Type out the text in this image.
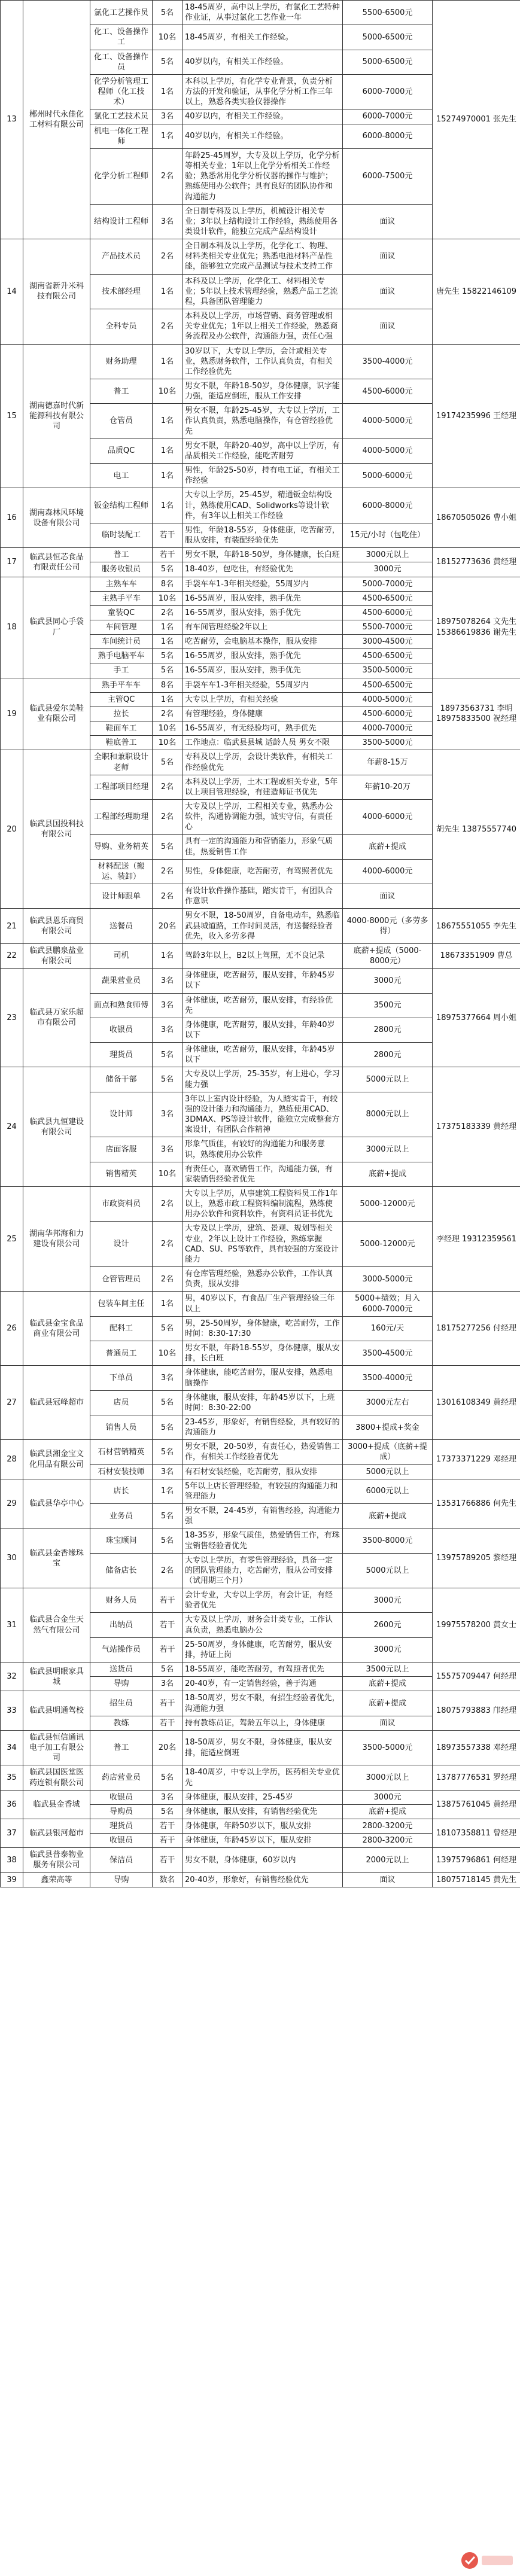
13	郴州时代永佳化工材料有限公司	氯化工艺操作员	5名	18-45周岁，高中以上学历，有氯化工艺特种作业证，从事过氯化工艺作业一年	5500-6500元	15274970001 张先生
		化工、设备操作工	10名	18-45周岁，有相关工作经验。	5000-6500元	
		化工、设备操作员	5名	40岁以内，有相关工作经验。	5000-6500元	
		化学分析管理工程师（化工技术）	1名	本科以上学历，有化学专业背景，负责分析方法的开发和验证，从事化学分析工作三年以上，熟悉各类实验仪器操作	6000-7000元	
		氯化工艺技术员	3名	40岁以内，有相关工作经验。	6000-7000元	
		机电一体化工程师	1名	40岁以内，有相关工作经验。	6000-8000元	
		化学分析工程师	2名	年龄25-45周岁，大专及以上学历，化学分析等相关专业；1年以上化学分析相关工作经验；熟悉常用化学分析仪器的操作与维护；熟练使用办公软件；具有良好的团队协作和沟通能力	6000-7500元	
		结构设计工程师	3名	全日制专科及以上学历，机械设计相关专业；3年以上结构设计工作经验，熟练使用各类设计软件，能独立完成产品结构设计	面议	
14	湖南省新升米科技有限公司	产品技术员	2名	全日制本科及以上学历，化学化工、物理、材料类相关专业优先；熟悉电池材料产品性能，能够独立完成产品测试与技术支持工作	面议	唐先生 15822146109
		技术部经理	1名	本科及以上学历，化学化工、材料相关专业；5年以上技术管理经验，熟悉产品工艺流程，具备团队管理能力	面议	
		全科专员	2名	本科及以上学历，市场营销、商务管理或相关专业优先；1年以上相关工作经验，熟悉商务流程及办公软件，沟通能力强，责任心强	面议	
15	湖南德嘉时代新能源科技有限公司	财务助理	1名	30岁以下，大专以上学历，会计或相关专业，熟悉财务软件，工作认真负责，有相关工作经验优先	3500-4000元	19174235996 王经理
		普工	10名	男女不限，年龄18-50岁，身体健康，识字能力强，能适应倒班，服从工作安排	4500-6000元	
		仓管员	1名	男女不限，年龄25-45岁，大专以上学历，工作认真负责，熟悉电脑操作，有仓管经验优先	4000-5000元	
		品质QC	1名	男女不限，年龄20-40岁，高中以上学历，有品质相关工作经验，能吃苦耐劳	4000-5000元	
		电工	1名	男性，年龄25-50岁，持有电工证，有相关工作经验	5000-6000元	
16	湖南森林风环境设备有限公司	钣金结构工程师	1名	大专以上学历，25-45岁，精通钣金结构设计，熟练使用CAD、Solidworks等设计软件，有3年以上相关工作经验	6000-8000元	18670505026 曹小姐
		临时装配工	若干	男性，年龄18-55岁，身体健康，吃苦耐劳，服从安排，有装配经验优先	15元/小时（包吃住）	
17	临武县恒芯食品有限责任公司	普工	若干	男女不限，年龄18-50岁，身体健康，长白班	3000元以上	18152773636 黄经理
		服务收银员	5名	18-40岁，包吃住，有经验优先	3000元	
18	临武县同心手袋厂	主熟车车	8名	手袋车车1-3年相关经验，55周岁内	5000-7000元	18975078264 文先生 15386619836 谢先生
		主熟手平车	10名	16-55周岁，服从安排，熟手优先	4500-6500元	
		童装QC	2名	16-55周岁，服从安排，熟手优先	4500-6000元	
		车间管理	1名	有车间管理经验2年以上	5500-7000元	
		车间统计员	1名	吃苦耐劳，会电脑基本操作，服从安排	3000-4500元	
		熟手电脑平车	5名	16-55周岁，服从安排，熟手优先	4500-6500元	
		手工	5名	16-55周岁，服从安排，熟手优先	3500-5000元	
19	临武县爱尔美鞋业有限公司	熟手平车车	8名	手袋车车1-3年相关经验，55周岁内	4500-6500元	18973563731 李明 18975833500 祝经理
		主管QC	1名	大专以上学历，有相关经验	4000-5000元	
		拉长	2名	有管理经验，身体健康	4500-6000元	
		鞋面车工	10名	16-55周岁，有无经验均可，熟手优先	4000-7000元	
		鞋底普工	10名	工作地点：临武县县城 适龄人员 男女不限	3500-5000元	
20	临武县国投科技有限公司	全职和兼职设计老师	5名	专科及以上学历，会设计类软件，有相关工作经验优先	年薪8-15万	胡先生 13875557740
		工程部项目经理	2名	本科及以上学历，土木工程或相关专业，5年以上项目管理经验，有建造师证书优先	年薪10-20万	
		工程部经理助理	2名	大专及以上学历，工程相关专业，熟悉办公软件，沟通协调能力强，诚实守信，有责任心	4000-6000元	
		导购、业务精英	5名	具有一定的沟通能力和营销能力，形象气质佳，热爱销售工作	底薪+提成	
		材料配送（搬运、装卸）	2名	男性，身体健康，吃苦耐劳，有驾照者优先	4000-6000元	
		设计师跟单	2名	有设计软件操作基础，踏实肯干，有团队合作意识	面议	
21	临武县恩乐商贸有限公司	送餐员	20名	男女不限，18-50周岁，自备电动车，熟悉临武县城道路，工作时间灵活，有送餐经验者优先，收入多劳多得	4000-8000元（多劳多得）	18675551055 李先生
22	临武县鹏泉盐业有限公司	司机	1名	驾龄3年以上，B2以上驾照，无不良记录	底薪+提成（5000-8000元）	18673351909 曹总
23	临武县万家乐超市有限公司	蔬果营业员	3名	身体健康，吃苦耐劳，服从安排，年龄45岁以下	3000元	18975377664 周小姐
		面点和熟食师傅	3名	身体健康，吃苦耐劳，服从安排，有经验优先	3500元	
		收银员	3名	身体健康，吃苦耐劳，服从安排，年龄40岁以下	2800元	
		理货员	5名	身体健康，吃苦耐劳，服从安排，年龄45岁以下	2800元	
24	临武县九恒建设有限公司	储备干部	5名	大专及以上学历，25-35岁，有上进心，学习能力强	5000元以上	17375183339 黄经理
		设计师	3名	3年以上室内设计经验，为人踏实肯干，有较强的设计能力和沟通能力，熟练使用CAD、3DMAX、PS等设计软件，能独立完成整套方案设计，有团队合作精神	8000元以上	
		店面客服	3名	形象气质佳，有较好的沟通能力和服务意识，熟练使用办公软件	3000元以上	
		销售精英	10名	有责任心，喜欢销售工作，沟通能力强，有家装销售经验者优先	底薪+提成	
25	湖南华邦海和力建设有限公司	市政资料员	2名	大专以上学历，从事建筑工程资料员工作1年以上，熟悉市政工程资料编制流程，熟练使用办公软件和资料软件，有资料员证书优先	5000-12000元	李经理 19312359561
		设计	2名	大专及以上学历，建筑、景观、规划等相关专业，2年以上设计工作经验，熟练掌握CAD、SU、PS等软件，具有较强的方案设计能力	5000-12000元	
		仓管管理员	2名	有仓库管理经验，熟悉办公软件，工作认真负责，服从安排	3000-5000元	
26	临武县金宝食品商业有限公司	包装车间主任	1名	男，40岁以下，有食品厂生产管理经验三年以上	5000+绩效；月入6000-7000元	18175277256 付经理
		配料工	5名	男，25-50周岁，身体健康，吃苦耐劳，工作时间：8:30-17:30	160元/天	
		普通员工	10名	男女不限，年龄18-55岁，身体健康，服从安排，长白班	3500-4500元	
27	临武县冠峰超市	下单员	3名	身体健康，能吃苦耐劳，服从安排，熟悉电脑操作	3500-4000元	13016108349 黄经理
		店员	5名	身体健康，服从安排，年龄45岁以下，上班时间：8:30-22:00	3000元左右	
		销售人员	5名	23-45岁，形象好，有销售经验，具有较好的沟通能力	3800+提成+奖金	
28	临武县湘金宝文化用品有限公司	石材营销精英	5名	男女不限，20-50岁，有责任心，热爱销售工作，有相关工作经验者优先	3000+提成（底薪+提成）	17373371229 邓经理
		石材安装技师	3名	有石材安装经验，吃苦耐劳，服从安排	5000元以上	
29	临武县华亭中心	店长	1名	5年以上店长管理经验，有较强的沟通能力和管理能力	6000元以上	13531766886 何先生
		业务员	5名	男女不限，24-45岁，有销售经验，沟通能力强	底薪+提成	
30	临武县金香缘珠宝	珠宝顾问	5名	18-35岁，形象气质佳，热爱销售工作，有珠宝销售经验者优先	3500-8000元	13975789205 黎经理
		储备店长	2名	大专以上学历，有零售管理经验，具备一定的团队管理能力，吃苦耐劳，服从公司安排（试用期三个月）	5000元以上	
31	临武县合金生天然气有限公司	财务人员	若干	会计专业，大专以上学历，有会计证，有经验者优先	3000元	19975578200 黄女士
		出纳员	若干	大专及以上学历，财务会计类专业，工作认真负责，熟悉电脑办公	2600元	
		气站操作员	若干	25-50周岁，身体健康，吃苦耐劳，服从安排，持证上岗	3000元	
32	临武县明眼家具城	送货员	5名	18-55周岁，能吃苦耐劳，有驾照者优先	3500元以上	15575709447 何经理
		导购	3名	20-40岁，有一定销售经验，善于沟通	底薪+提成	
33	临武县明通驾校	招生员	若干	18-50周岁，男女不限，有招生经验者优先，沟通能力强	底薪+提成	18075793883 邝经理
		教练	若干	持有教练员证，驾龄五年以上，身体健康	面议	
34	临武县恒信通讯电子加工有限公司	普工	20名	18-50周岁，男女不限，身体健康，服从安排，能适应倒班	3500-5000元	18973557338 邓经理
35	临武县国医堂医药连锁有限公司	药店营业员	5名	18-40周岁，中专以上学历，医药相关专业优先	3000元以上	13787776531 罗经理
36	临武县金香城	收银员	3名	身体健康，服从安排，25-45岁	3000元	13875761045 黄经理
		导购员	5名	身体健康，服从安排，有销售经验优先	底薪+提成	
37	临武县银河超市	理货员	若干	身体健康，年龄50岁以下，服从安排	2800-3200元	18107358811 曾经理
		收银员	若干	身体健康，年龄45岁以下，服从安排	2800-3200元	
38	临武县普泰物业服务有限公司	保洁员	若干	男女不限，身体健康，60岁以内	2000元以上	13975796861 何经理
39	鑫荣高等	导购	数名	20-40岁，形象好，有销售经验优先	面议	18075718145 黄先生
